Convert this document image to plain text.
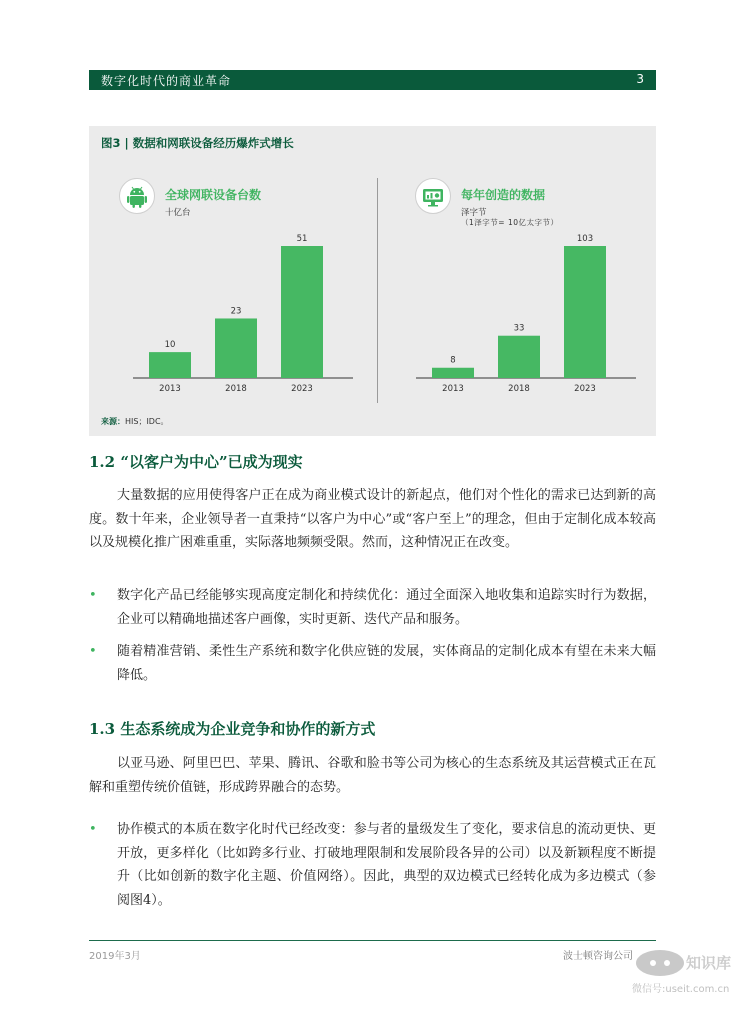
数字化时代的商业革命	3
图3 | 数据和网联设备经历爆炸式增长
全球网联设备台数
十亿台
每年创造的数据
泽字节
（1泽字节= 10亿太字节）
10
2013
23
2018
51
2023
8
2013
33
2018
103
2023
来源：HIS；IDC。
1.2 “以客户为中心”已成为现实

大量数据的应用使得客户正在成为商业模式设计的新起点，他们对个性化的需求已达到新的高度。数十年来，企业领导者一直秉持“以客户为中心”或“客户至上”的理念，但由于定制化成本较高以及规模化推广困难重重，实际落地频频受限。然而，这种情况正在改变。

• 数字化产品已经能够实现高度定制化和持续优化：通过全面深入地收集和追踪实时行为数据，企业可以精确地描述客户画像，实时更新、迭代产品和服务。
• 随着精准营销、柔性生产系统和数字化供应链的发展，实体商品的定制化成本有望在未来大幅降低。
1.3 生态系统成为企业竞争和协作的新方式

以亚马逊、阿里巴巴、苹果、腾讯、谷歌和脸书等公司为核心的生态系统及其运营模式正在瓦解和重塑传统价值链，形成跨界融合的态势。

• 协作模式的本质在数字化时代已经改变：参与者的量级发生了变化，要求信息的流动更快、更开放，更多样化（比如跨多行业、打破地理限制和发展阶段各异的公司）以及新颖程度不断提升（比如创新的数字化主题、价值网络）。因此，典型的双边模式已经转化成为多边模式（参阅图4）。
2019年3月	波士顿咨询公司	知识库
微信号:useit.com.cn
